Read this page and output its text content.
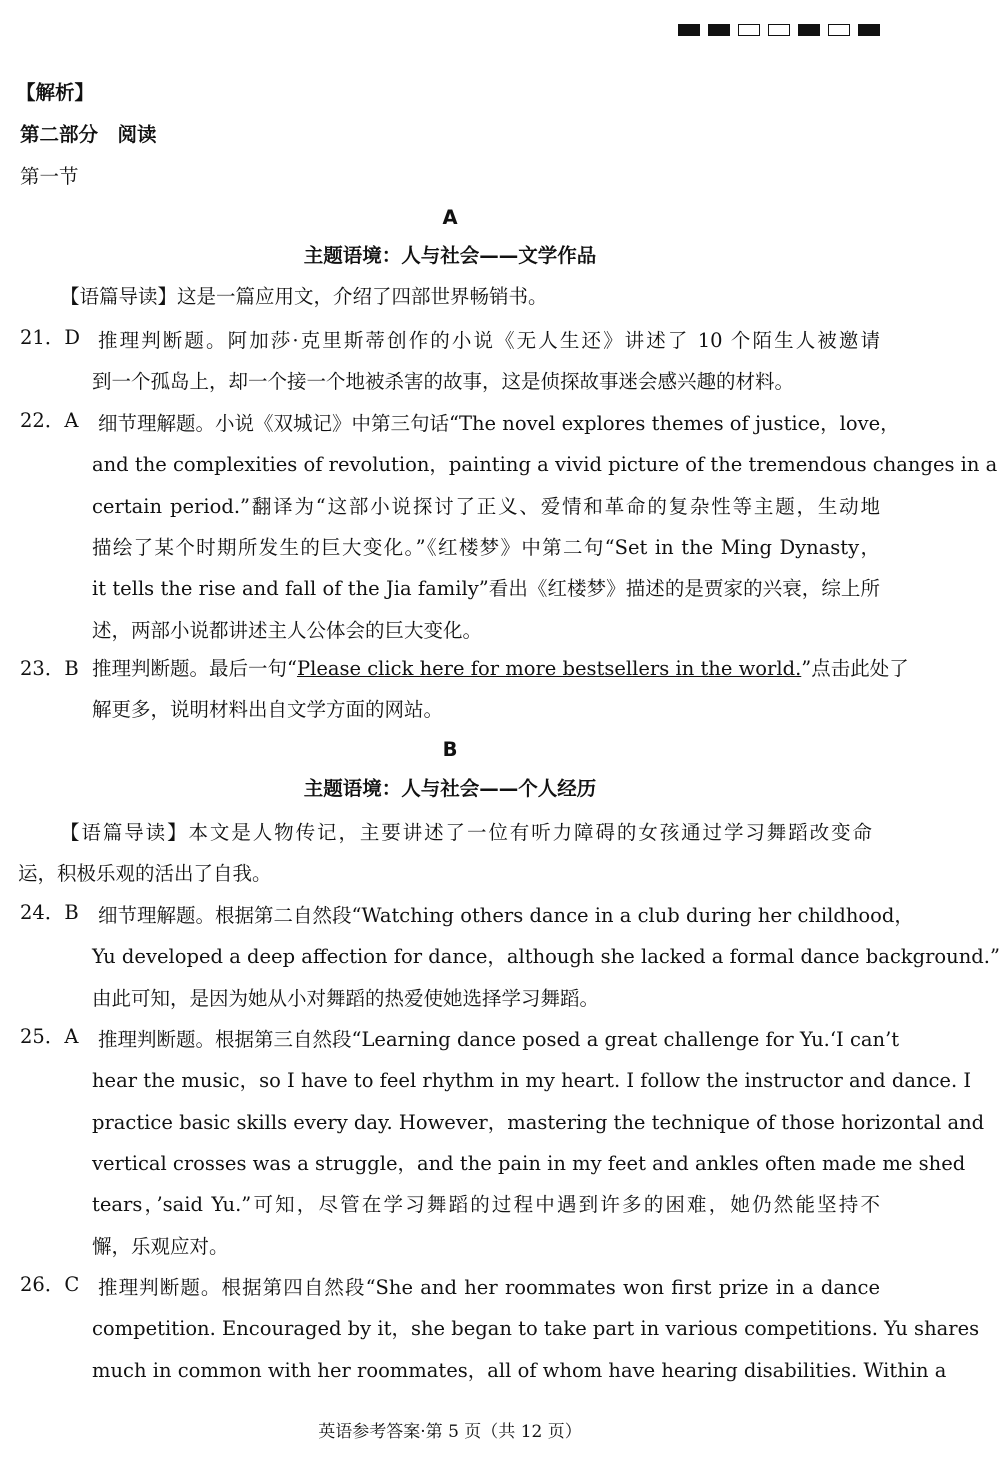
【解析】
第二部分　阅读
第一节
A
主题语境：人与社会——文学作品
【语篇导读】这是一篇应用文，介绍了四部世界畅销书。
21．D 推理判断题。阿加莎·克里斯蒂创作的小说《无人生还》讲述了 10 个陌生人被邀请
到一个孤岛上，却一个接一个地被杀害的故事，这是侦探故事迷会感兴趣的材料。
22．A 细节理解题。小说《双城记》中第三句话“The novel explores themes of justice，love，
and the complexities of revolution，painting a vivid picture of the tremendous changes in a
certain period.”翻译为“这部小说探讨了正义、爱情和革命的复杂性等主题，生动地
描绘了某个时期所发生的巨大变化。”《红楼梦》中第二句“Set in the Ming Dynasty，
it tells the rise and fall of the Jia family”看出《红楼梦》描述的是贾家的兴衰，综上所
述，两部小说都讲述主人公体会的巨大变化。
23．B 推理判断题。最后一句“Please click here for more bestsellers in the world.”点击此处了
解更多，说明材料出自文学方面的网站。
B
主题语境：人与社会——个人经历
【语篇导读】本文是人物传记，主要讲述了一位有听力障碍的女孩通过学习舞蹈改变命
运，积极乐观的活出了自我。
24．B 细节理解题。根据第二自然段“Watching others dance in a club during her childhood，
Yu developed a deep affection for dance，although she lacked a formal dance background.”
由此可知，是因为她从小对舞蹈的热爱使她选择学习舞蹈。
25．A 推理判断题。根据第三自然段“Learning dance posed a great challenge for Yu.‘I can’t
hear the music，so I have to feel rhythm in my heart. I follow the instructor and dance. I
practice basic skills every day. However，mastering the technique of those horizontal and
vertical crosses was a struggle，and the pain in my feet and ankles often made me shed
tears，’said Yu.”可知，尽管在学习舞蹈的过程中遇到许多的困难，她仍然能坚持不
懈，乐观应对。
26．C 推理判断题。根据第四自然段“She and her roommates won first prize in a dance
competition. Encouraged by it，she began to take part in various competitions. Yu shares
much in common with her roommates，all of whom have hearing disabilities. Within a
英语参考答案·第 5 页（共 12 页）
